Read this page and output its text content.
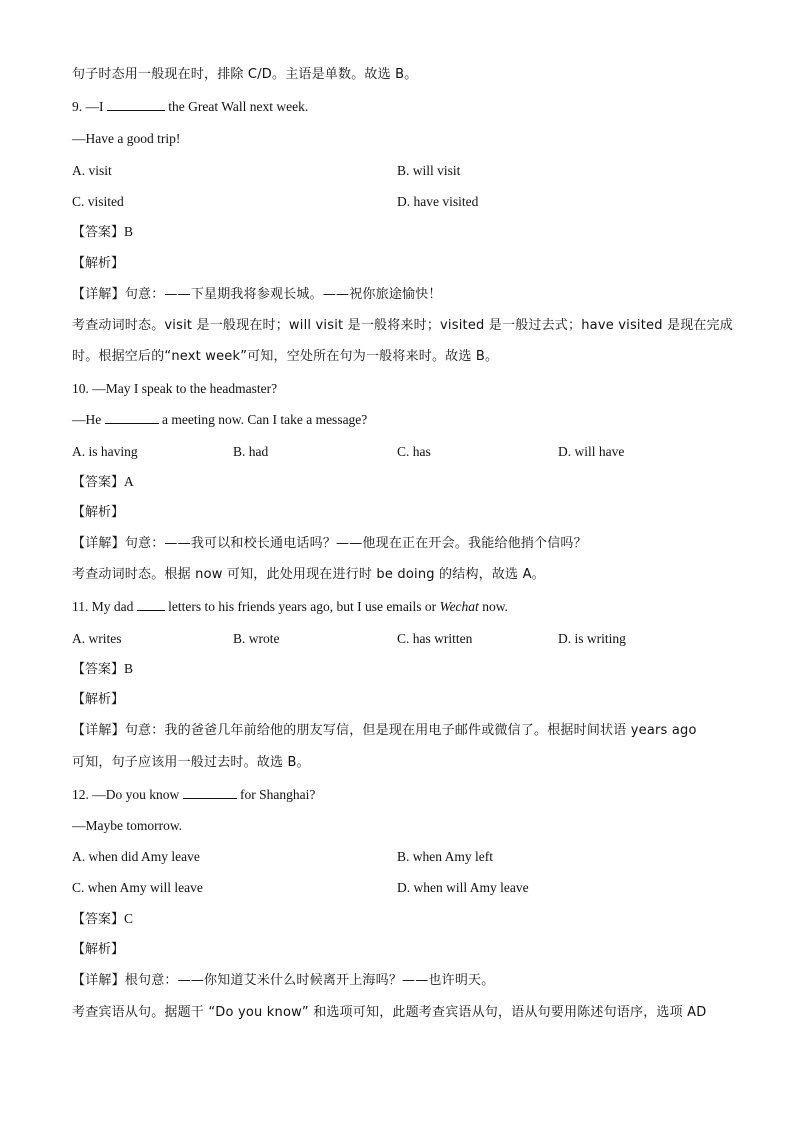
句子时态用一般现在时，排除 C/D。主语是单数。故选 B。
9. —I	the Great Wall next week.
—Have a good trip!
A. visit	B. will visit
C. visited	D. have visited
【答案】B
【解析】
【详解】句意：——下星期我将参观长城。——祝你旅途愉快！
考查动词时态。visit 是一般现在时；will visit 是一般将来时；visited 是一般过去式；have visited 是现在完成
时。根据空后的“next week”可知，空处所在句为一般将来时。故选 B。
10. —May I speak to the headmaster?
—He	a meeting now. Can I take a message?
A. is having	B. had	C. has	D. will have
【答案】A
【解析】
【详解】句意：——我可以和校长通电话吗？——他现在正在开会。我能给他捎个信吗？
考查动词时态。根据 now 可知，此处用现在进行时 be doing 的结构，故选 A。
11. My dad	letters to his friends years ago, but I use emails or Wechat now.
A. writes	B. wrote	C. has written	D. is writing
【答案】B
【解析】
【详解】句意：我的爸爸几年前给他的朋友写信，但是现在用电子邮件或微信了。根据时间状语 years ago
可知，句子应该用一般过去时。故选 B。
12. —Do you know	for Shanghai?
—Maybe tomorrow.
A. when did Amy leave	B. when Amy left
C. when Amy will leave	D. when will Amy leave
【答案】C
【解析】
【详解】根句意：——你知道艾米什么时候离开上海吗？——也许明天。
考查宾语从句。据题干 “Do you know” 和选项可知，此题考查宾语从句，语从句要用陈述句语序，选项 AD
